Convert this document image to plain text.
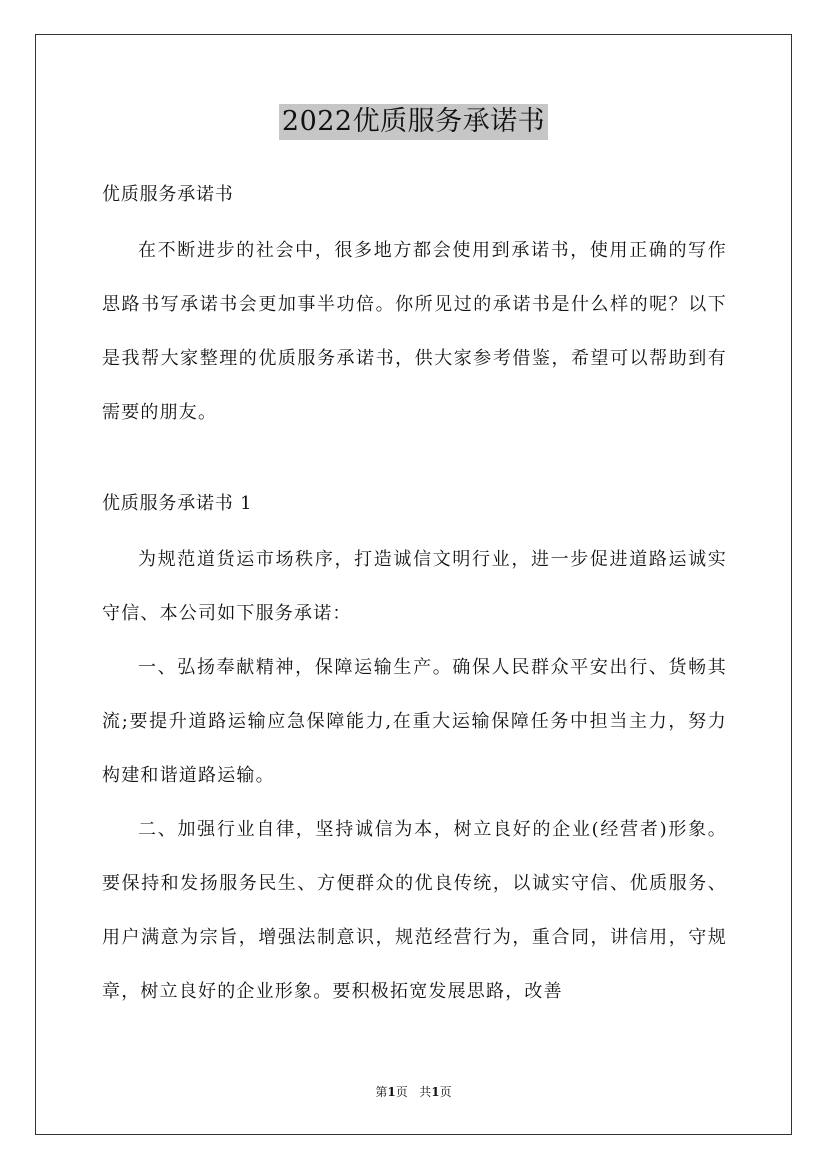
2022优质服务承诺书

优质服务承诺书

在不断进步的社会中，很多地方都会使用到承诺书，使用正确的写作思路书写承诺书会更加事半功倍。你所见过的承诺书是什么样的呢？以下是我帮大家整理的优质服务承诺书，供大家参考借鉴，希望可以帮助到有需要的朋友。

优质服务承诺书 1

为规范道货运市场秩序，打造诚信文明行业，进一步促进道路运诚实守信、本公司如下服务承诺：

一、弘扬奉献精神，保障运输生产。确保人民群众平安出行、货畅其流;要提升道路运输应急保障能力,在重大运输保障任务中担当主力，努力构建和谐道路运输。

二、加强行业自律，坚持诚信为本，树立良好的企业(经营者)形象。要保持和发扬服务民生、方便群众的优良传统，以诚实守信、优质服务、用户满意为宗旨，增强法制意识，规范经营行为，重合同，讲信用，守规章，树立良好的企业形象。要积极拓宽发展思路，改善

第1页 共1页
